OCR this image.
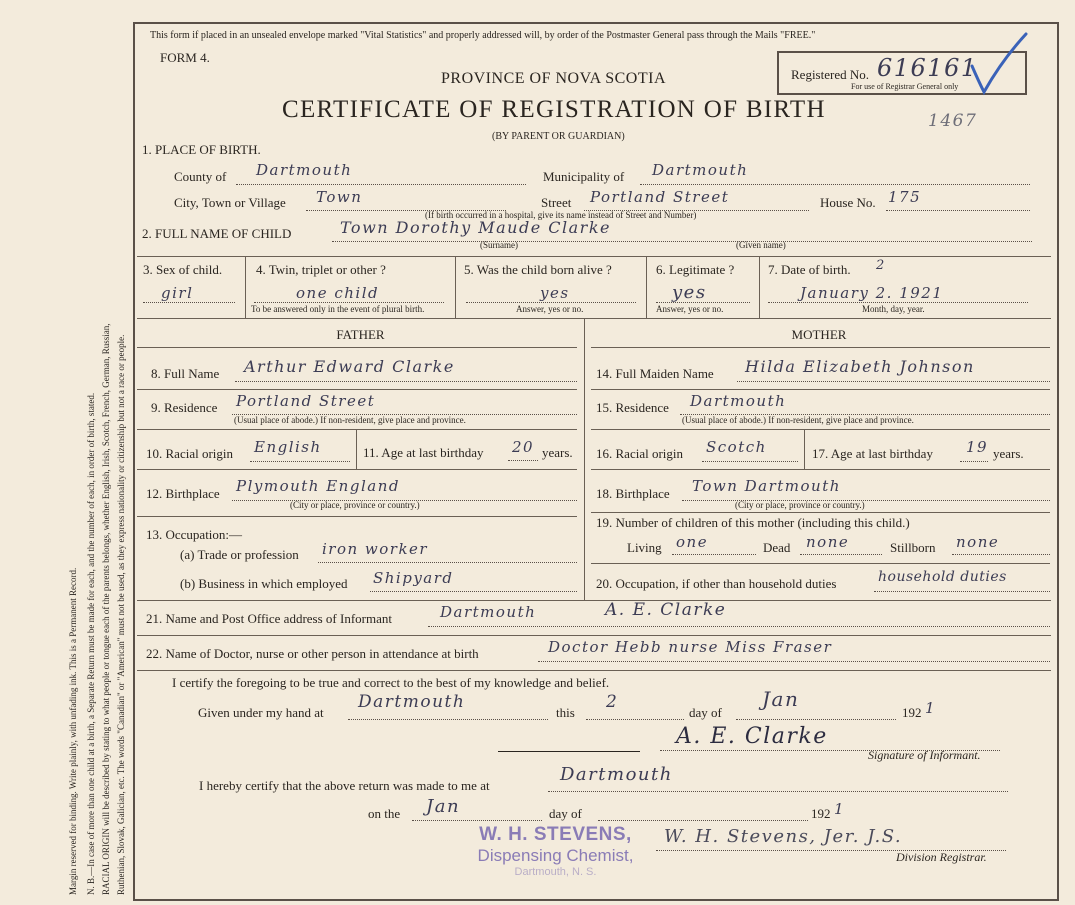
Margin reserved for binding. Write plainly, with unfading ink. This is a Permanent Record. N. B.—In case of more than one child at a birth, a Separate Return must be made for each, and the number of each, in order of birth, stated. RACIAL ORIGIN will be described by stating to what people or tongue each of the parents belongs, whether English, Irish, Scotch, French, German, Russian, Ruthenian, Slovak, Galician, etc. The words "Canadian" or "American" must not be used, as they express nationality or citizenship but not a race or people.
This form if placed in an unsealed envelope marked "Vital Statistics" and properly addressed will, by order of the Postmaster General pass through the Mails "FREE."
FORM 4.
PROVINCE OF NOVA SCOTIA
CERTIFICATE OF REGISTRATION OF BIRTH
(BY PARENT OR GUARDIAN)
Registered No. 616161
For use of Registrar General only
1467
1. PLACE OF BIRTH.
County of Dartmouth	Municipality of Dartmouth
City, Town or Village Town	Street Portland Street	House No. 175
(If birth occurred in a hospital, give its name instead of Street and Number)
2. FULL NAME OF CHILD	Town Dorothy Maude Clarke
(Surname)	(Given name)
3. Sex of child.
girl
4. Twin, triplet or other ?
one child
To be answered only in the event of plural birth.
5. Was the child born alive ?
yes
Answer, yes or no.
6. Legitimate ?
yes
Answer, yes or no.
7. Date of birth. 2
January 2. 1921
Month, day, year.
FATHER	MOTHER
8. Full Name Arthur Edward Clarke
9. Residence Portland Street
(Usual place of abode.) If non-resident, give place and province.
10. Racial origin English	11. Age at last birthday 20 years.
12. Birthplace Plymouth England
(City or place, province or country.)
13. Occupation:—
(a) Trade or profession iron worker
(b) Business in which employed Shipyard
14. Full Maiden Name Hilda Elizabeth Johnson
15. Residence Dartmouth
(Usual place of abode.) If non-resident, give place and province.
16. Racial origin Scotch	17. Age at last birthday 19 years.
18. Birthplace Town Dartmouth
(City or place, province or country.)
19. Number of children of this mother (including this child.)
Living one	Dead none	Stillborn none
20. Occupation, if other than household duties	household duties
21. Name and Post Office address of Informant	Dartmouth	A. E. Clarke
22. Name of Doctor, nurse or other person in attendance at birth	Doctor Hebb nurse Miss Fraser
I certify the foregoing to be true and correct to the best of my knowledge and belief.
Given under my hand at
Dartmouth
this
2
day of
Jan
192 1
A. E. Clarke
Signature of Informant.
I hereby certify that the above return was made to me at
Dartmouth
on the Jan	day of	192 1
W. H. STEVENS,
Dispensing Chemist,
Dartmouth, N. S.
W. H. Stevens, Jer. J.S.
Division Registrar.
